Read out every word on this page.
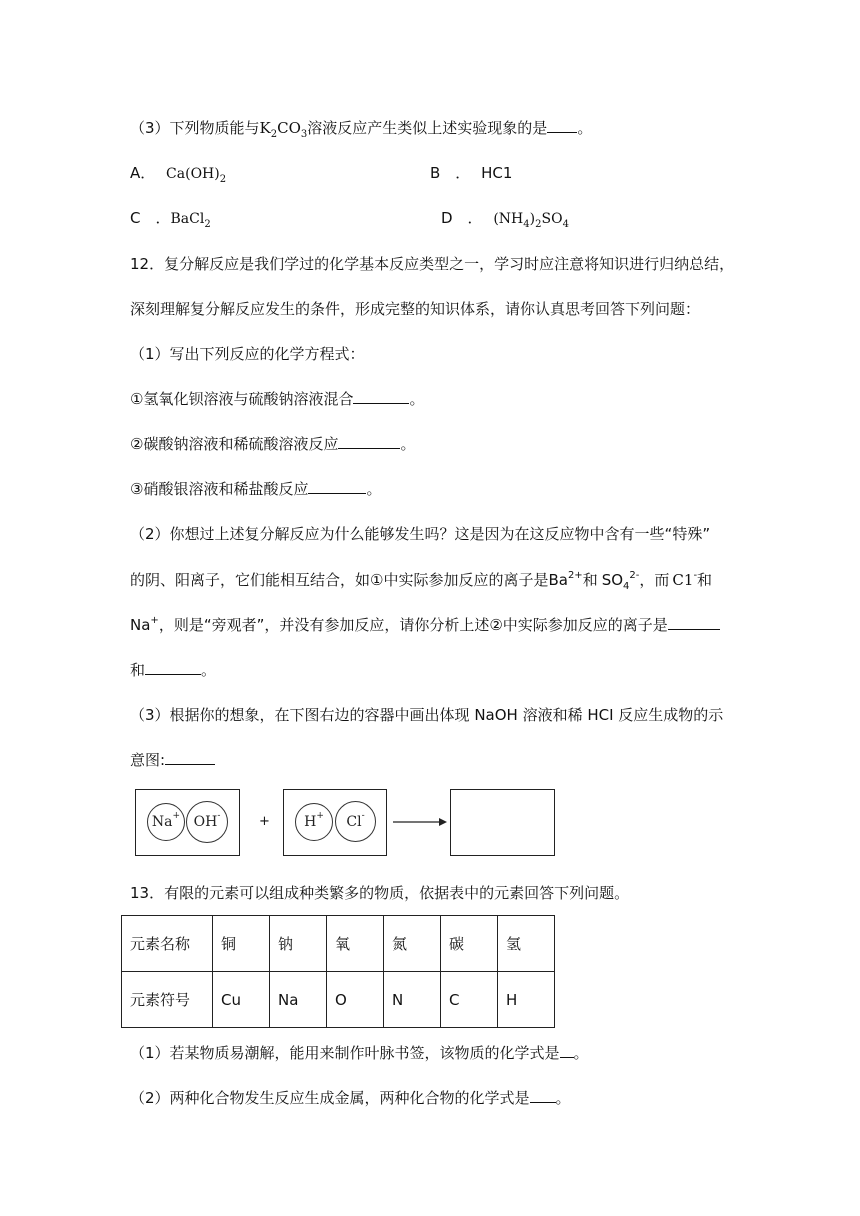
（3）下列物质能与$K_2CO_3$溶液反应产生类似上述实验现象的是 。
A． $Ca(OH)_2$	B　． HC1
C　．BaCl$_2$	D　． $(NH_4)_2SO_4$
12．复分解反应是我们学过的化学基本反应类型之一，学习时应注意将知识进行归纳总结，
深刻理解复分解反应发生的条件，形成完整的知识体系，请你认真思考回答下列问题：
（1）写出下列反应的化学方程式：
①氢氧化钡溶液与硫酸钠溶液混合	。
②碳酸钠溶液和稀硫酸溶液反应	。
③硝酸银溶液和稀盐酸反应	。
（2）你想过上述复分解反应为什么能够发生吗？这是因为在这反应物中含有一些“特殊”
的阴、阳离子，它们能相互结合，如①中实际参加反应的离子是$Ba^{2+}$和 $SO_4^{2-}$，而 C1-和
Na+，则是“旁观者”，并没有参加反应，请你分析上述②中实际参加反应的离子是
和	。
（3）根据你的想象，在下图右边的容器中画出体现 NaOH 溶液和稀 HCI 反应生成物的示
意图:
Na + OH -	+ H + Cl -
13．有限的元素可以组成种类繁多的物质，依据表中的元素回答下列问题。
元素名称	铜	钠	氧	氮	碳	氢
元素符号	Cu	Na	O	N	C	H
（1）若某物质易潮解，能用来制作叶脉书签，该物质的化学式是 。
（2）两种化合物发生反应生成金属，两种化合物的化学式是 。
